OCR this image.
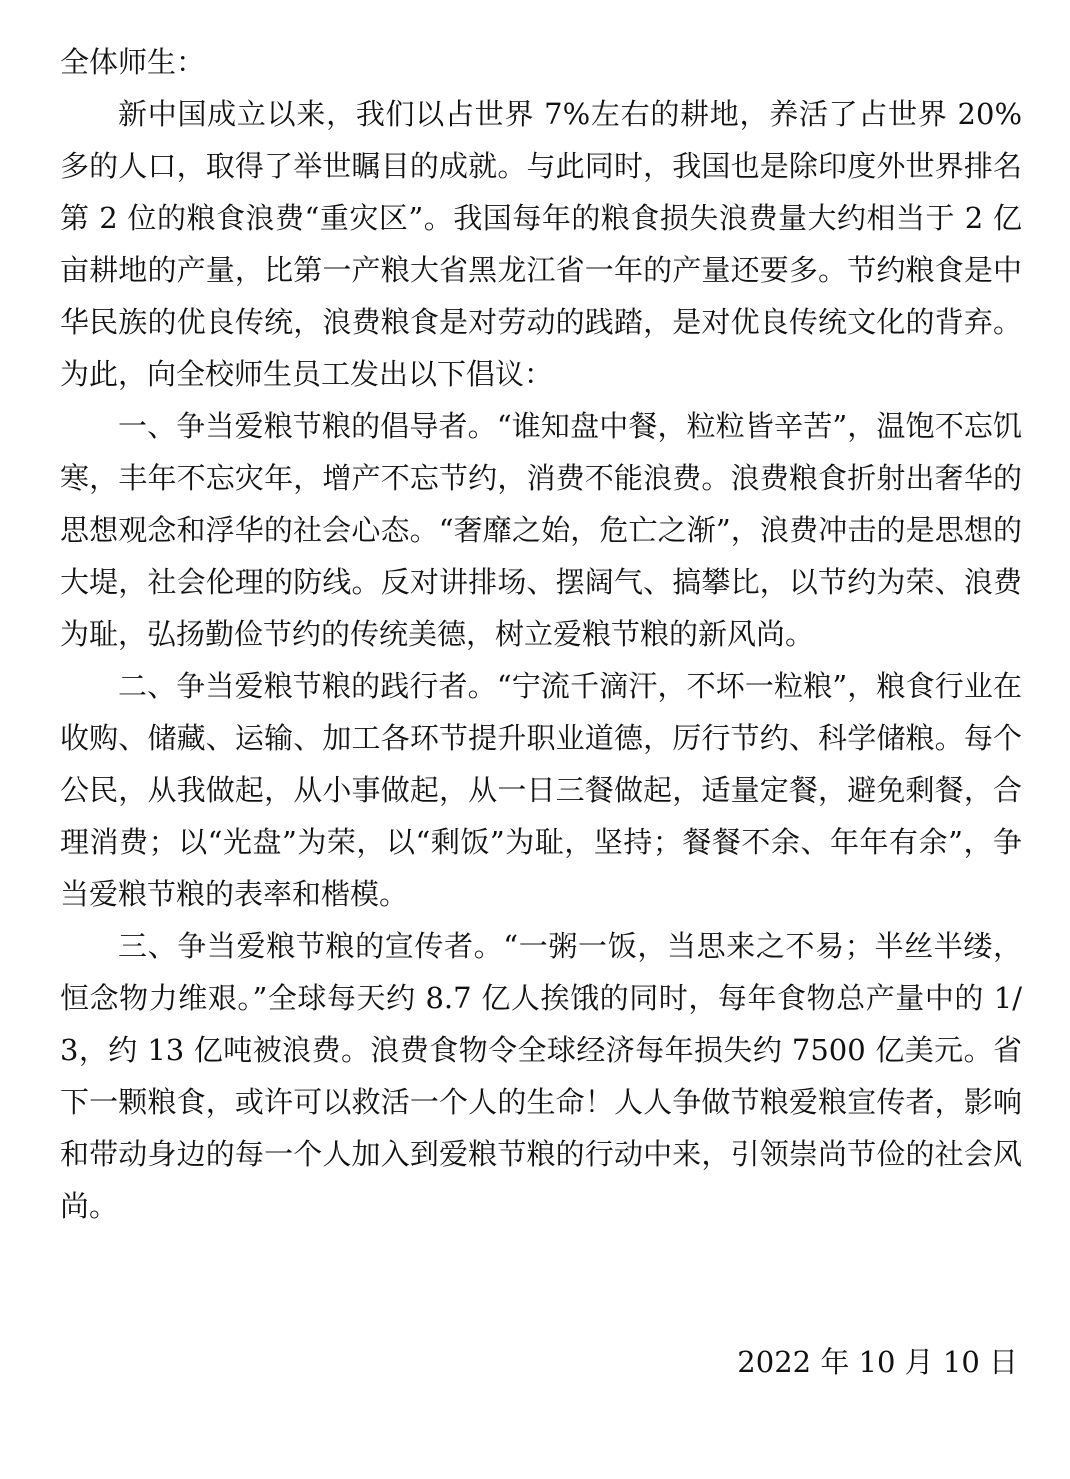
全体师生：

新中国成立以来，我们以占世界 7%左右的耕地，养活了占世界 20%多的人口，取得了举世瞩目的成就。与此同时，我国也是除印度外世界排名第 2 位的粮食浪费“重灾区”。我国每年的粮食损失浪费量大约相当于 2 亿亩耕地的产量，比第一产粮大省黑龙江省一年的产量还要多。节约粮食是中华民族的优良传统，浪费粮食是对劳动的践踏，是对优良传统文化的背弃。为此，向全校师生员工发出以下倡议：

一、争当爱粮节粮的倡导者。“谁知盘中餐，粒粒皆辛苦”，温饱不忘饥寒，丰年不忘灾年，增产不忘节约，消费不能浪费。浪费粮食折射出奢华的思想观念和浮华的社会心态。“奢靡之始，危亡之渐”，浪费冲击的是思想的大堤，社会伦理的防线。反对讲排场、摆阔气、搞攀比，以节约为荣、浪费为耻，弘扬勤俭节约的传统美德，树立爱粮节粮的新风尚。

二、争当爱粮节粮的践行者。“宁流千滴汗，不坏一粒粮”，粮食行业在收购、储藏、运输、加工各环节提升职业道德，厉行节约、科学储粮。每个公民，从我做起，从小事做起，从一日三餐做起，适量定餐，避免剩餐，合理消费；以“光盘”为荣，以“剩饭”为耻，坚持；餐餐不余、年年有余”，争当爱粮节粮的表率和楷模。

三、争当爱粮节粮的宣传者。“一粥一饭，当思来之不易；半丝半缕，恒念物力维艰。”全球每天约 8.7 亿人挨饿的同时，每年食物总产量中的 1/3，约 13 亿吨被浪费。浪费食物令全球经济每年损失约 7500 亿美元。省下一颗粮食，或许可以救活一个人的生命！人人争做节粮爱粮宣传者，影响和带动身边的每一个人加入到爱粮节粮的行动中来，引领崇尚节俭的社会风尚。

2022 年 10 月 10 日
